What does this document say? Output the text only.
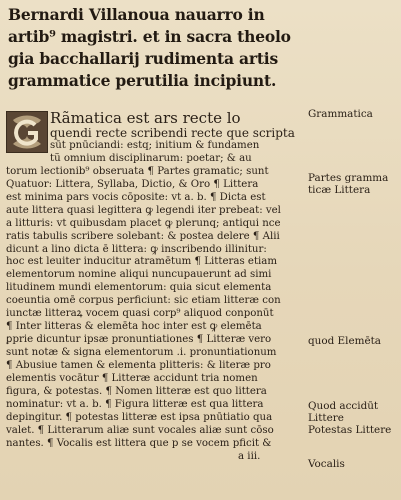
Bernardi Villanoua nauarro in
artib⁹ magistri. et in sacra theolo
gia bacchallarij rudimenta artis
grammatice perutilia incipiunt.
Rãmatica est ars recte lo
quendi recte scribendi recte que scripta
sūt pnūciandi: estq; initium & fundamen
tũ omnium disciplinarum: poetar; & au
torum lectionib⁹ obseruata ¶ Partes gramatic; sunt
Quatuor: Littera, Syllaba, Dictio, & Oro ¶ Littera
est minima pars vocis cōposite: vt a. b. ¶ Dicta est
aute littera quasi legittera ꝙ legendi iter prebeat: vel
a litturis: vt quibusdam placet ꝙ plerunq; antiqui nce
ratis tabulis scribere solebant: & postea delere ¶ Alii
dicunt a lino dicta ē littera: ꝙ inscribendo illinitur:
hoc est leuiter inducitur atramētum ¶ Litteras etiam
elementorum nomine aliqui nuncupauerunt ad simi
litudinem mundi elementorum: quia sicut elementa
coeuntia omē corpus perficiunt: sic etiam litteræ con
iunctæ litteraꝝ vocem quasi corp⁹ aliquod conponūt
¶ Inter litteras & elemēta hoc inter est ꝙ elemēta
ꝑprie dicuntur ipsæ pronuntiationes ¶ Litteræ vero
sunt notæ & signa elementorum .i. pronuntiationum
¶ Abusiue tamen & elementa plitteris: & literæ pro
elementis vocātur ¶ Litteræ accidunt tria nomen
figura, & potestas. ¶ Nomen litteræ est quo littera
nominatur: vt a. b. ¶ Figura litteræ est qua littera
depingitur. ¶ potestas litteræ est ipsa pnūtiatio qua
valet. ¶ Litterarum aliæ sunt vocales aliæ sunt cōso
nantes. ¶ Vocalis est littera que p se vocem pficit &
a iii.
Grammatica
Partes gramma
ticæ Littera
quod Elemēta
Quod accidūt
Littere
Potestas Littere
Vocalis
